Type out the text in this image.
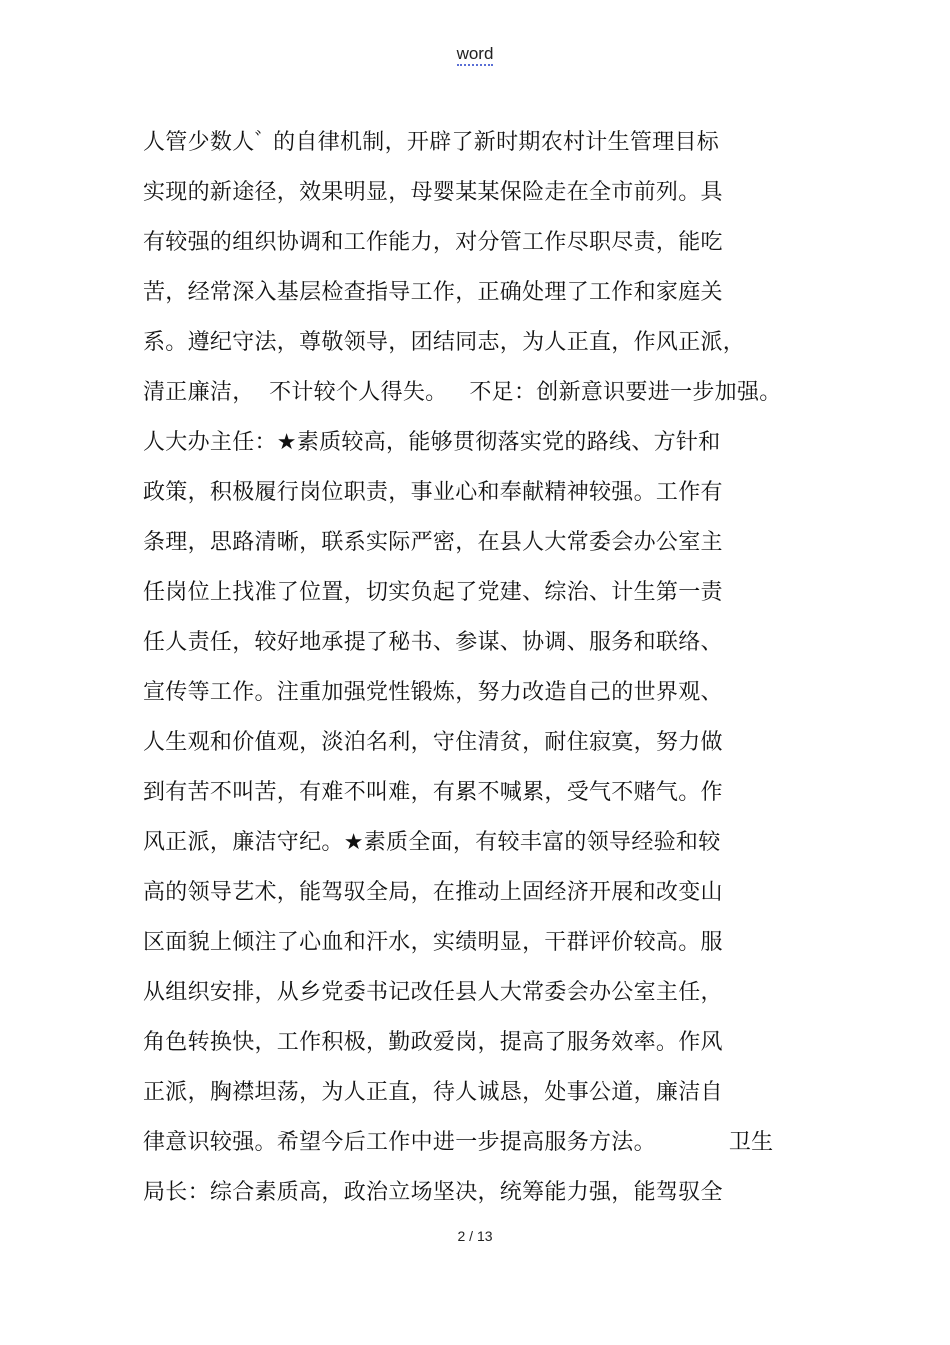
word
人管少数人ﾞ 的自律机制，开辟了新时期农村计生管理目标
实现的新途径，效果明显，母婴某某保险走在全市前列。具
有较强的组织协调和工作能力，对分管工作尽职尽责，能吃
苦，经常深入基层检查指导工作，正确处理了工作和家庭关
系。遵纪守法，尊敬领导，团结同志，为人正直，作风正派，
清正廉洁，  不计较个人得失。   不足：创新意识要进一步加强。
人大办主任：★素质较高，能够贯彻落实党的路线、方针和
政策，积极履行岗位职责，事业心和奉献精神较强。工作有
条理，思路清晰，联系实际严密，在县人大常委会办公室主
任岗位上找准了位置，切实负起了党建、综治、计生第一责
任人责任，较好地承提了秘书、参谋、协调、服务和联络、
宣传等工作。注重加强党性锻炼，努力改造自己的世界观、
人生观和价值观，淡泊名利，守住清贫，耐住寂寞，努力做
到有苦不叫苦，有难不叫难，有累不喊累，受气不赌气。作
风正派，廉洁守纪。★素质全面，有较丰富的领导经验和较
高的领导艺术，能驾驭全局，在推动上固经济开展和改变山
区面貌上倾注了心血和汗水，实绩明显，干群评价较高。服
从组织安排，从乡党委书记改任县人大常委会办公室主任，
角色转换快，工作积极，勤政爱岗，提高了服务效率。作风
正派，胸襟坦荡，为人正直，待人诚恳，处事公道，廉洁自
律意识较强。希望今后工作中进一步提高服务方法。          卫生
局长：综合素质高，政治立场坚决，统筹能力强，能驾驭全
2 / 13
